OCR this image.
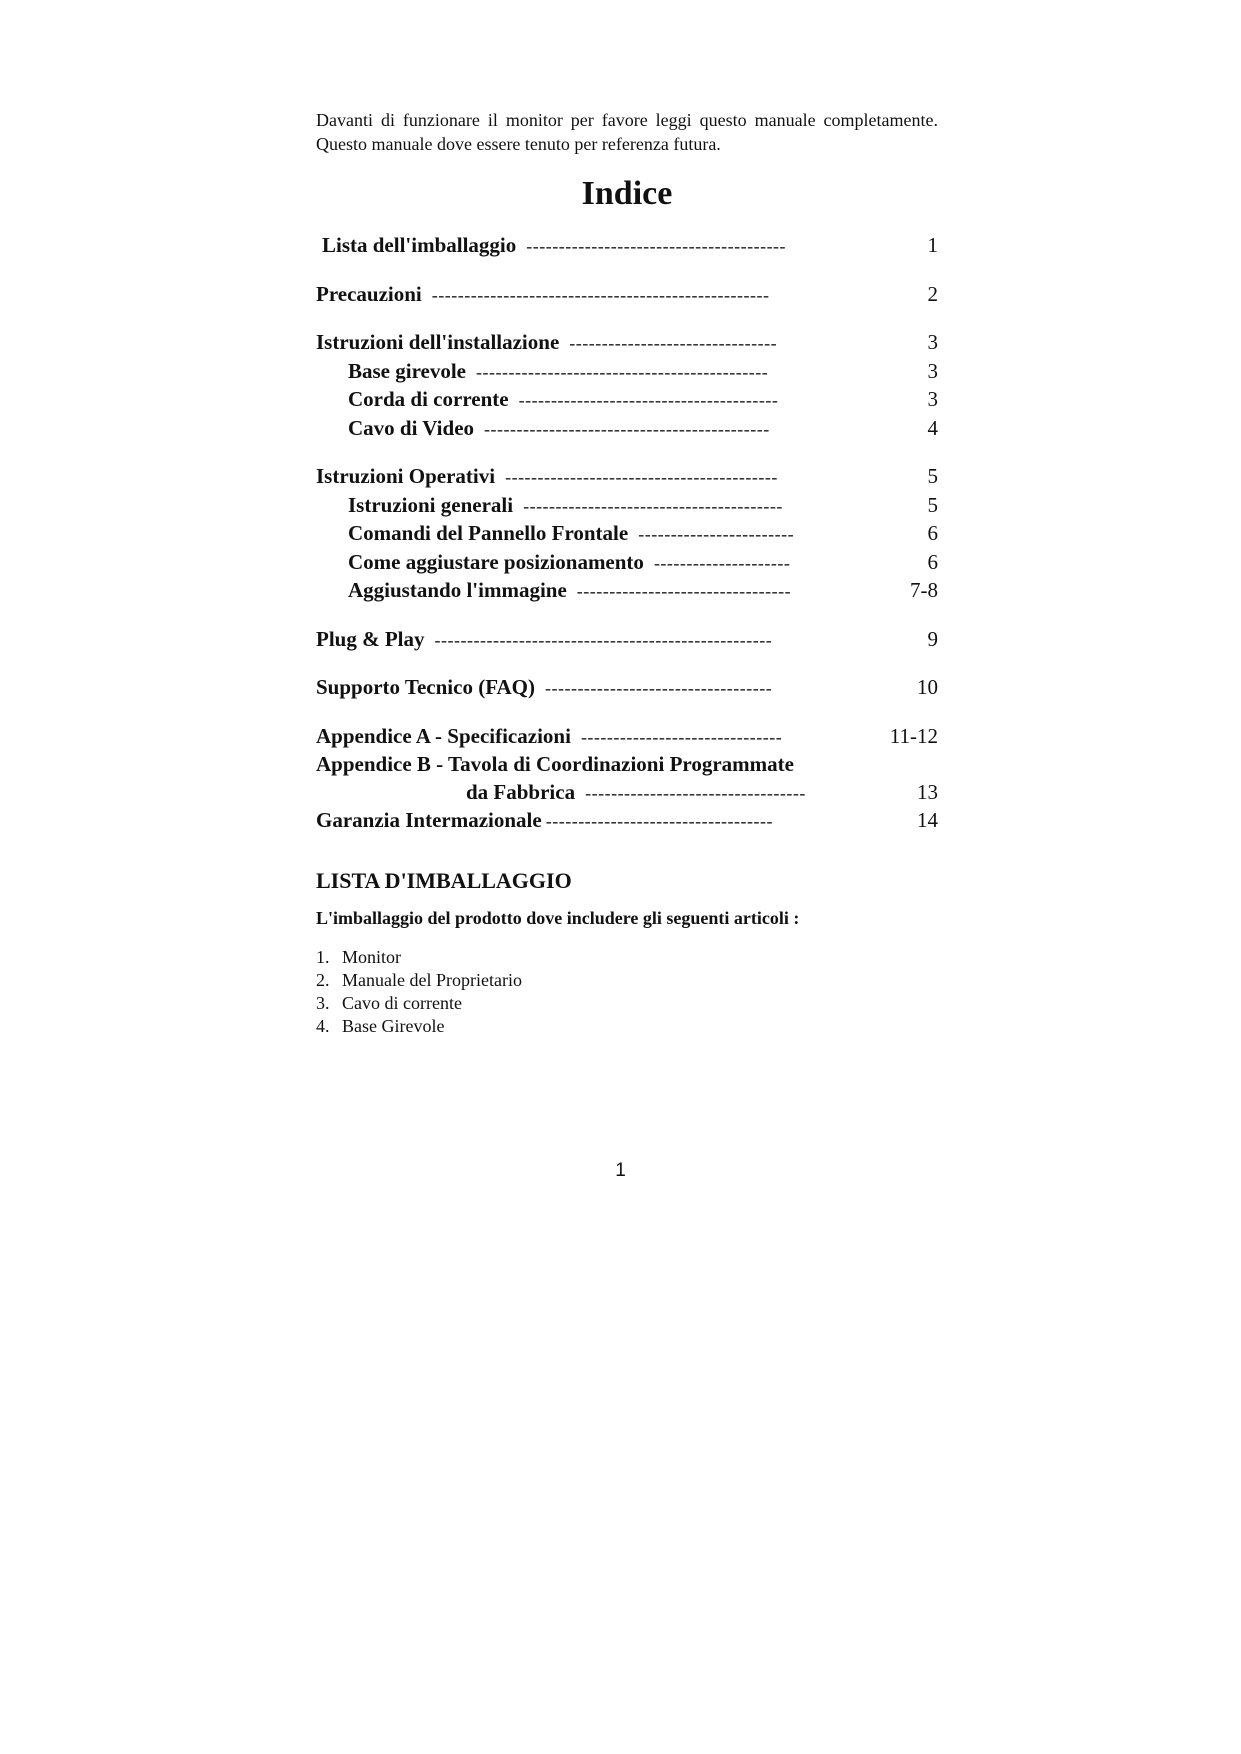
Davanti di funzionare il monitor per favore leggi questo manuale completamente. Questo manuale dove essere tenuto per referenza futura.

Indice
Lista dell'imballaggio ----------------------------------------	1
Precauzioni ----------------------------------------------------	2
Istruzioni dell'installazione --------------------------------	3
Base girevole ---------------------------------------------	3
Corda di corrente ----------------------------------------	3
Cavo di Video --------------------------------------------	4
Istruzioni Operativi ------------------------------------------	5
Istruzioni generali ----------------------------------------	5
Comandi del Pannello Frontale ------------------------	6
Come aggiustare posizionamento ---------------------	6
Aggiustando l'immagine ---------------------------------	7-8
Plug & Play ----------------------------------------------------	9
Supporto Tecnico (FAQ) -----------------------------------	10
Appendice A - Specificazioni -------------------------------	11-12
Appendice B - Tavola di Coordinazioni Programmate
da Fabbrica ----------------------------------	13
Garanzia Intermazionale -----------------------------------	14
LISTA D'IMBALLAGGIO
L'imballaggio del prodotto dove includere gli seguenti articoli :
1. Monitor
2. Manuale del Proprietario
3. Cavo di corrente
4. Base Girevole
1
